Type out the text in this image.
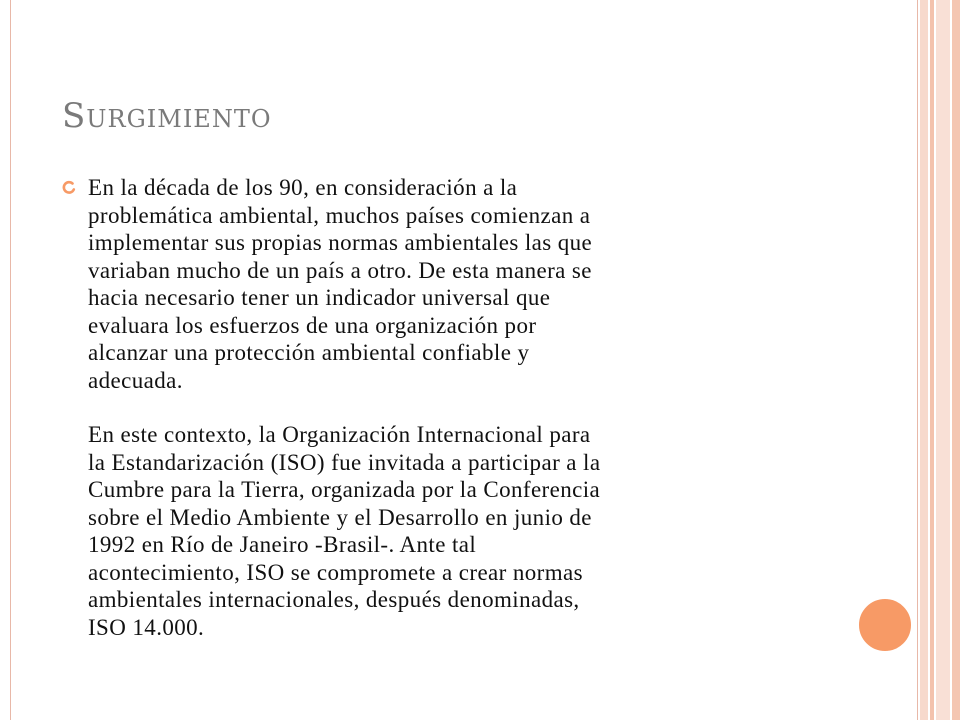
Surgimiento

En la década de los 90, en consideración a la
problemática ambiental, muchos países comienzan a
implementar sus propias normas ambientales las que
variaban mucho de un país a otro. De esta manera se
hacia necesario tener un indicador universal que
evaluara los esfuerzos de una organización por
alcanzar una protección ambiental confiable y
adecuada.

En este contexto, la Organización Internacional para
la Estandarización (ISO) fue invitada a participar a la
Cumbre para la Tierra, organizada por la Conferencia
sobre el Medio Ambiente y el Desarrollo en junio de
1992 en Río de Janeiro -Brasil-. Ante tal
acontecimiento, ISO se compromete a crear normas
ambientales internacionales, después denominadas,
ISO 14.000.
